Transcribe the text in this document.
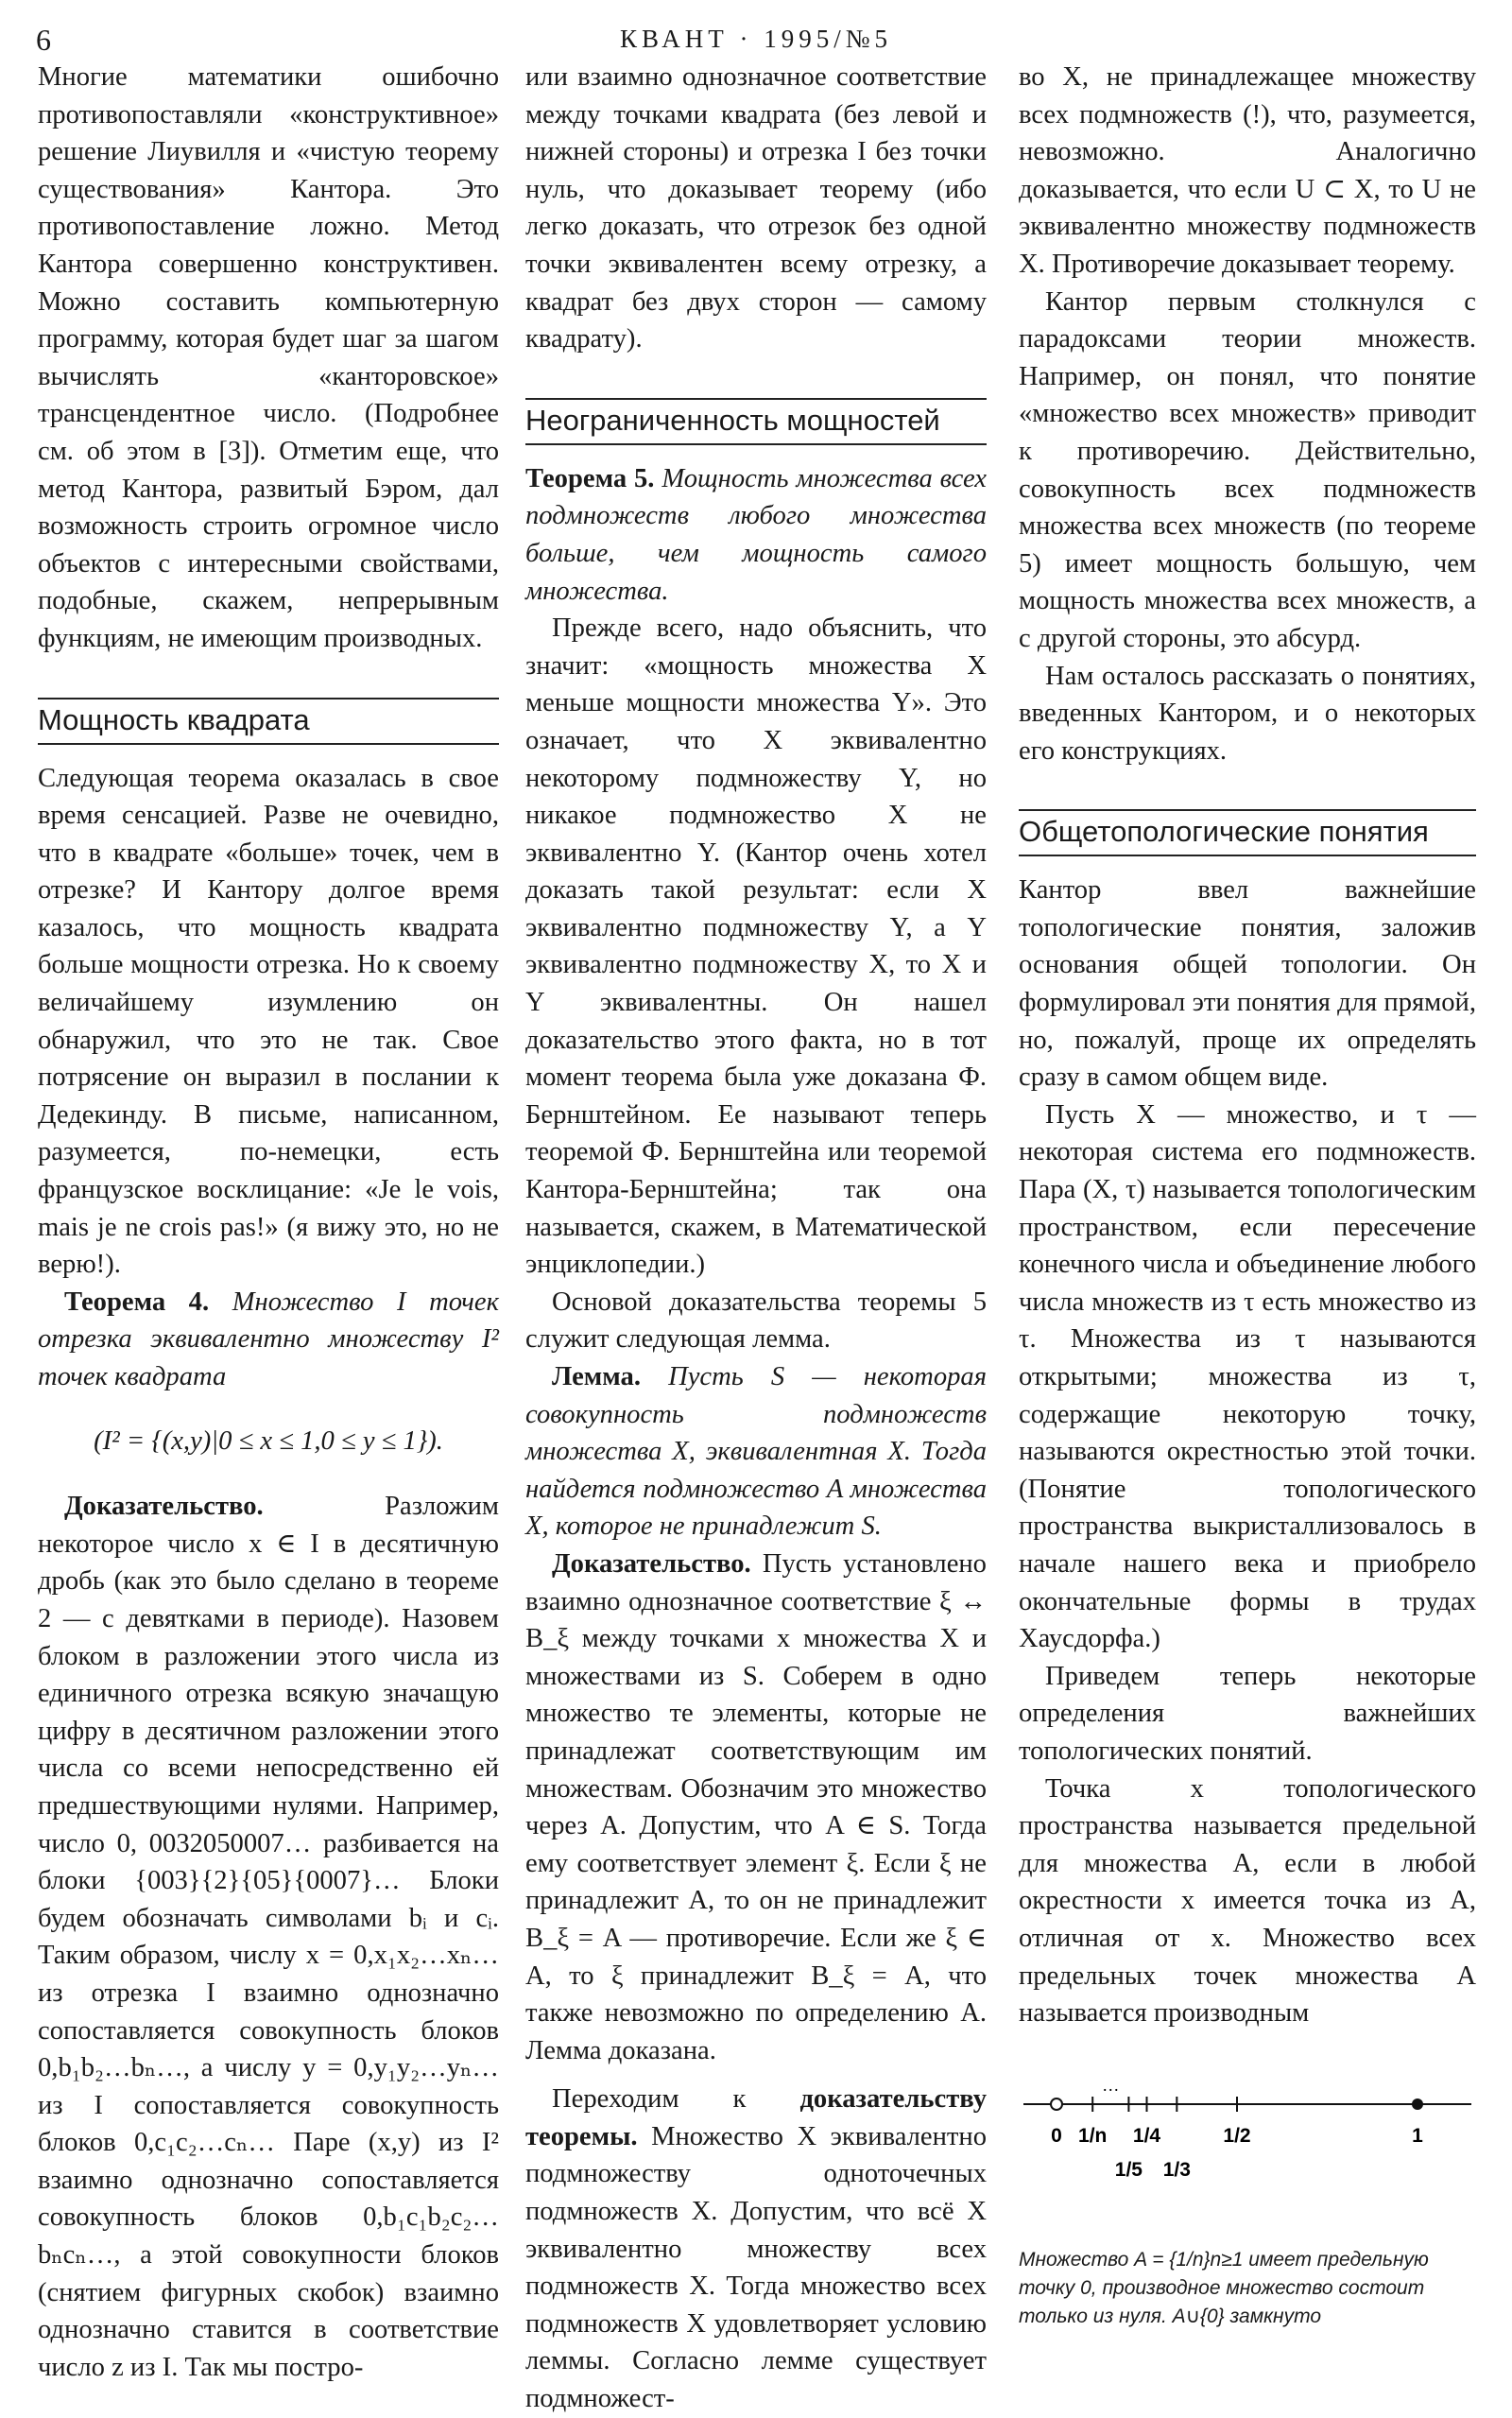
6	КВАНТ · 1995/№5

Многие математики ошибочно противопоставляли «конструктивное» решение Лиувилля и «чистую теорему существования» Кантора. Это противопоставление ложно. Метод Кантора совершенно конструктивен. Можно составить компьютерную программу, которая будет шаг за шагом вычислять «канторовское» трансцендентное число. (Подробнее см. об этом в [3]). Отметим еще, что метод Кантора, развитый Бэром, дал возможность строить огромное число объектов с интересными свойствами, подобные, скажем, непрерывным функциям, не имеющим производных.

Мощность квадрата

Следующая теорема оказалась в свое время сенсацией. Разве не очевидно, что в квадрате «больше» точек, чем в отрезке? И Кантору долгое время казалось, что мощность квадрата больше мощности отрезка. Но к своему величайшему изумлению он обнаружил, что это не так. Свое потрясение он выразил в послании к Дедекинду. В письме, написанном, разумеется, по-немецки, есть французское восклицание: «Je le vois, mais je ne crois pas!» (я вижу это, но не верю!).

Теорема 4. Множество I точек отрезка эквивалентно множеству I² точек квадрата

(I² = {(x,y)|0 ≤ x ≤ 1,0 ≤ y ≤ 1}).

Доказательство.	Разложим некоторое число x ∈ I в десятичную дробь (как это было сделано в теореме 2 — с девятками в периоде). Назовем блоком в разложении этого числа из единичного отрезка всякую значащую цифру в десятичном разложении этого числа со всеми непосредственно ей предшествующими нулями. Например, число 0, 0032050007… разбивается на блоки {003}{2}{05}{0007}… Блоки будем обозначать символами bᵢ и cᵢ. Таким образом, числу x = 0,x₁x₂…xₙ… из отрезка I взаимно однозначно сопоставляется совокупность блоков 0,b₁b₂…bₙ…, а числу y = 0,y₁y₂…yₙ… из I сопоставляется совокупность блоков 0,c₁c₂…cₙ… Паре (x,y) из I² взаимно однозначно сопоставляется совокупность блоков 0,b₁c₁b₂c₂…bₙcₙ…, а этой совокупности блоков (снятием фигурных скобок) взаимно однозначно ставится в соответствие число z из I. Так мы постро-

или взаимно однозначное соответствие между точками квадрата (без левой и нижней стороны) и отрезка I без точки нуль, что доказывает теорему (ибо легко доказать, что отрезок без одной точки эквивалентен всему отрезку, а квадрат без двух сторон — самому квадрату).

Неограниченность мощностей

Теорема 5. Мощность множества всех подмножеств любого множества больше, чем мощность самого множества.

Прежде всего, надо объяснить, что значит: «мощность множества X меньше мощности множества Y». Это означает, что X эквивалентно некоторому подмножеству Y, но никакое подмножество X не эквивалентно Y. (Кантор очень хотел доказать такой результат: если X эквивалентно подмножеству Y, а Y эквивалентно подмножеству X, то X и Y эквивалентны. Он нашел доказательство этого факта, но в тот момент теорема была уже доказана Ф. Бернштейном. Ее называют теперь теоремой Ф. Бернштейна или теоремой Кантора-Бернштейна; так она называется, скажем, в Математической энциклопедии.)

Основой доказательства теоремы 5 служит следующая лемма.

Лемма. Пусть S — некоторая совокупность подмножеств множества X, эквивалентная X. Тогда найдется подмножество A множества X, которое не принадлежит S.

Доказательство. Пусть установлено взаимно однозначное соответствие ξ ↔ B_ξ между точками x множества X и множествами из S. Соберем в одно множество те элементы, которые не принадлежат соответствующим им множествам. Обозначим это множество через A. Допустим, что A ∈ S. Тогда ему соответствует элемент ξ. Если ξ не принадлежит A, то он не принадлежит B_ξ = A — противоречие. Если же ξ ∈ A, то ξ принадлежит B_ξ = A, что также невозможно по определению A. Лемма доказана.

Переходим к доказательству теоремы. Множество X эквивалентно подмножеству одноточечных подмножеств X. Допустим, что всё X эквивалентно множеству всех подмножеств X. Тогда множество всех подмножеств X удовлетворяет условию леммы. Согласно лемме существует подмножест-

во X, не принадлежащее множеству всех подмножеств (!), что, разумеется, невозможно. Аналогично доказывается, что если U ⊂ X, то U не эквивалентно множеству подмножеств X. Противоречие доказывает теорему.

Кантор первым столкнулся с парадоксами теории множеств. Например, он понял, что понятие «множество всех множеств» приводит к противоречию. Действительно, совокупность всех подмножеств множества всех множеств (по теореме 5) имеет мощность большую, чем мощность множества всех множеств, а с другой стороны, это абсурд.

Нам осталось рассказать о понятиях, введенных Кантором, и о некоторых его конструкциях.

Общетопологические понятия

Кантор ввел важнейшие топологические понятия, заложив основания общей топологии. Он формулировал эти понятия для прямой, но, пожалуй, проще их определять сразу в самом общем виде.

Пусть X — множество, и τ — некоторая система его подмножеств. Пара (X, τ) называется топологическим пространством, если пересечение конечного числа и объединение любого числа множеств из τ есть множество из τ. Множества из τ называются открытыми; множества из τ, содержащие некоторую точку, называются окрестностью этой точки. (Понятие топологического пространства выкристаллизовалось в начале нашего века и приобрело окончательные формы в трудах Хаусдорфа.)

Приведем теперь некоторые определения важнейших топологических понятий.

Точка x топологического пространства называется предельной для множества A, если в любой окрестности x имеется точка из A, отличная от x. Множество всех предельных точек множества A называется производным

0 1/n
1/5
1/4
1/3
1/2	1
…
Множество A = {1/n}n≥1 имеет предельную точку 0, производное множество состоит только из нуля. A∪{0} замкнуто
